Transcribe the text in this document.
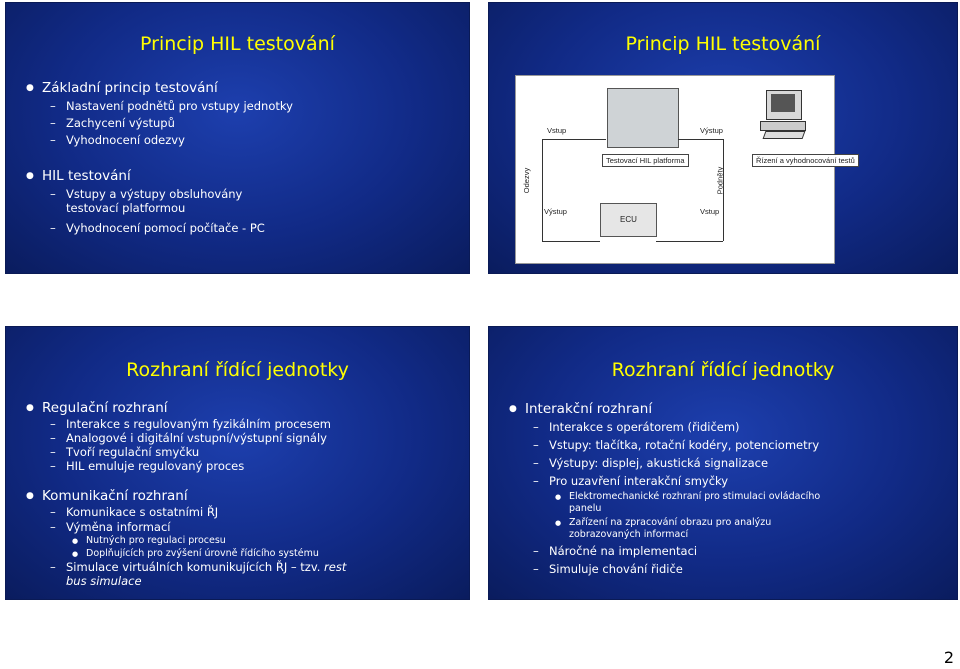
Princip HIL testování
● Základní princip testování
– Nastavení podnětů pro vstupy jednotky
– Zachycení výstupů
– Vyhodnocení odezvy
● HIL testování
– Vstupy a výstupy obsluhovány testovací platformou
– Vyhodnocení pomocí počítače - PC
Princip HIL testování
Testovací HIL platforma	Řízení a vyhodnocování testů
Vstup	Výstup
Odezvy	Podněty
Výstup	Vstup
ECU
Rozhraní řídící jednotky
● Regulační rozhraní
– Interakce s regulovaným fyzikálním procesem
– Analogové i digitální vstupní/výstupní signály
– Tvoří regulační smyčku
– HIL emuluje regulovaný proces
● Komunikační rozhraní
– Komunikace s ostatními ŘJ
– Výměna informací
● Nutných pro regulaci procesu
● Doplňujících pro zvýšení úrovně řídícího systému
– Simulace virtuálních komunikujících ŘJ – tzv. rest bus simulace
Rozhraní řídící jednotky
● Interakční rozhraní
– Interakce s operátorem (řidičem)
– Vstupy: tlačítka, rotační kodéry, potenciometry
– Výstupy: displej, akustická signalizace
– Pro uzavření interakční smyčky
● Elektromechanické rozhraní pro stimulaci ovládacího panelu
● Zařízení na zpracování obrazu pro analýzu zobrazovaných informací
– Náročné na implementaci
– Simuluje chování řidiče
2
